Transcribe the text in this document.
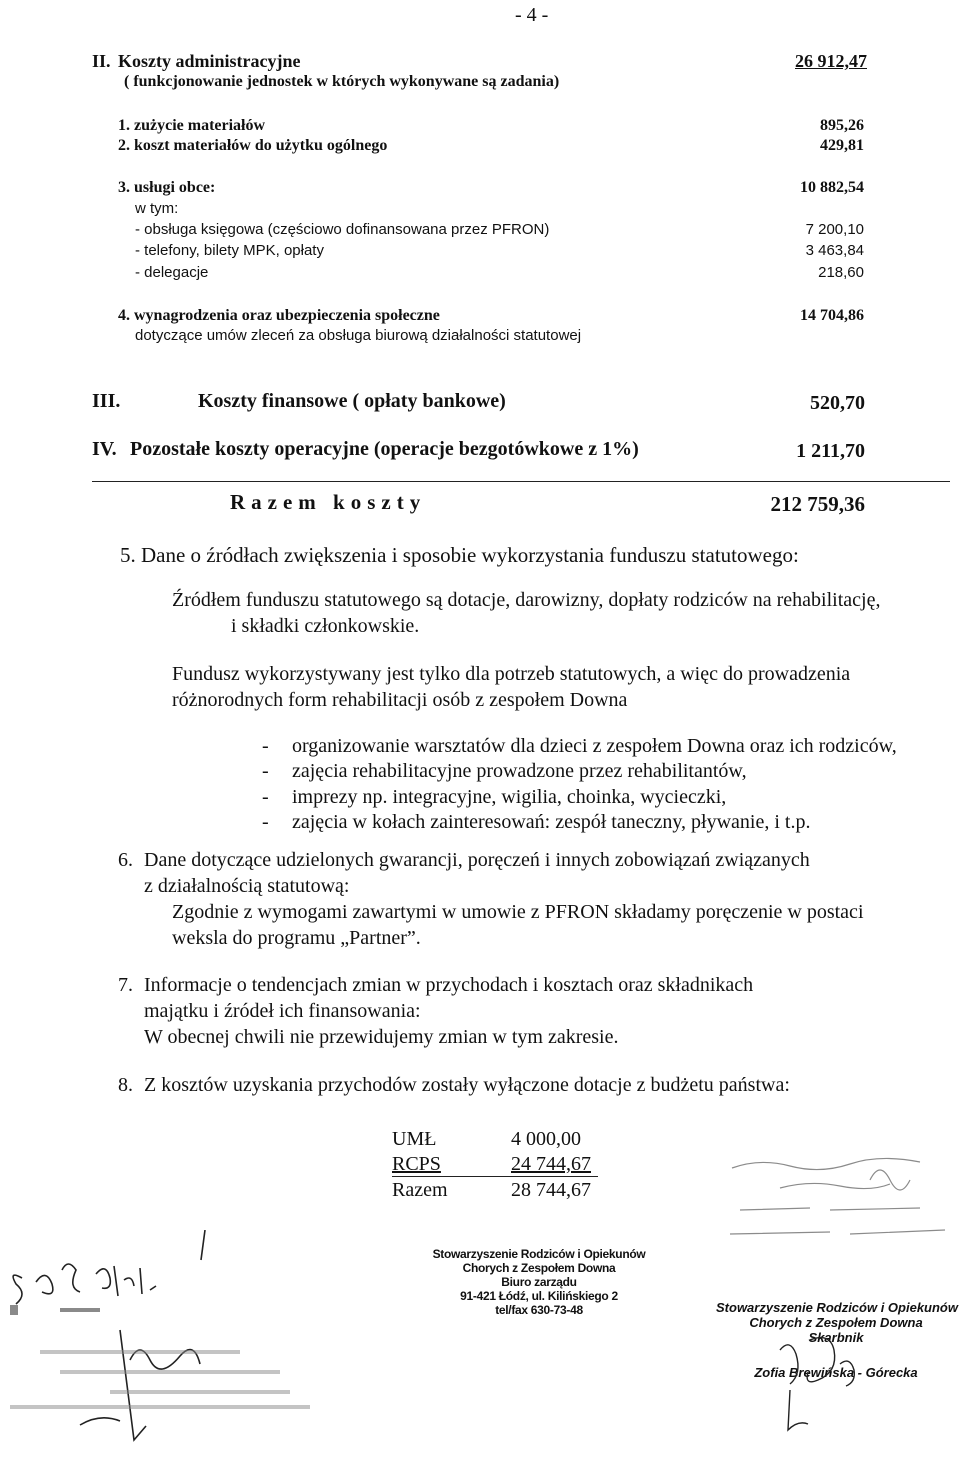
- 4 -
II. Koszty administracyjne	26 912,47
( funkcjonowanie jednostek w których wykonywane są zadania)
1. zużycie materiałów	895,26
2. koszt materiałów do użytku ogólnego	429,81
3. usługi obce:	10 882,54
w tym:
- obsługa księgowa (częściowo dofinansowana przez PFRON)	7 200,10
- telefony, bilety MPK, opłaty	3 463,84
- delegacje	218,60
4. wynagrodzenia oraz ubezpieczenia społeczne	14 704,86
dotyczące umów zleceń za obsługa biurową działalności statutowej
III.	Koszty finansowe ( opłaty bankowe)	520,70
IV. Pozostałe koszty operacyjne (operacje bezgotówkowe z 1%)	1 211,70
Razem koszty	212 759,36
5. Dane o źródłach zwiększenia i sposobie wykorzystania funduszu statutowego:
Źródłem funduszu statutowego są dotacje, darowizny, dopłaty rodziców na rehabilitację,
i składki członkowskie.
Fundusz wykorzystywany jest tylko dla potrzeb statutowych, a więc do prowadzenia
różnorodnych form rehabilitacji osób z zespołem Downa
- organizowanie warsztatów dla dzieci z zespołem Downa oraz ich rodziców,
- zajęcia rehabilitacyjne prowadzone przez rehabilitantów,
- imprezy np. integracyjne, wigilia, choinka, wycieczki,
- zajęcia w kołach zainteresowań: zespół taneczny, pływanie, i t.p.
6. Dane dotyczące udzielonych gwarancji, poręczeń i innych zobowiązań związanych
z działalnością statutową:
Zgodnie z wymogami zawartymi w umowie z PFRON składamy poręczenie w postaci
weksla do programu „Partner”.
7. Informacje o tendencjach zmian w przychodach i kosztach oraz składnikach
majątku i źródeł ich finansowania:
W obecnej chwili nie przewidujemy zmian w tym zakresie.
8. Z kosztów uzyskania przychodów zostały wyłączone dotacje z budżetu państwa:
UMŁ	4 000,00
RCPS	24 744,67
Razem	28 744,67
Stowarzyszenie Rodziców i Opiekunów
Chorych z Zespołem Downa
Biuro zarządu
91-421 Łódź, ul. Kilińskiego 2
tel/fax 630-73-48	Stowarzyszenie Rodziców i Opiekunów
Chorych z Zespołem Downa
Skarbnik
Zofia Brewińska - Górecka
